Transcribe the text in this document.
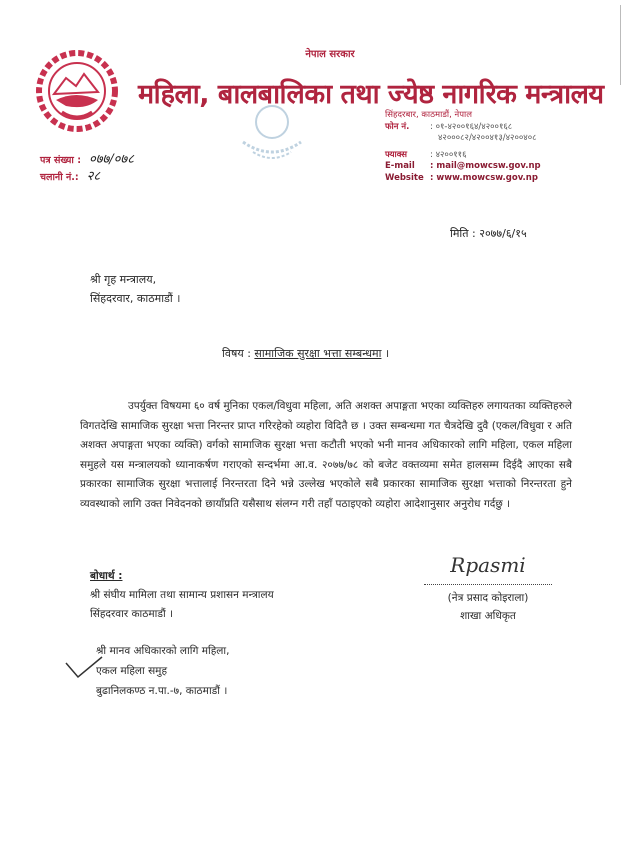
नेपाल सरकार
महिला, बालबालिका तथा ज्येष्ठ नागरिक मन्त्रालय
सिंहदरबार, काठमाडौं, नेपाल
फोन नं.	: ०१-४२००१६४/४२००१६८
४२०००८२/४२००४१३/४२००४०८
फ्याक्स	: ४२००११६
E-mail	: mail@mowcsw.gov.np
Website : www.mowcsw.gov.np
पत्र संख्या : ०७७/०७८
चलानी नं.: २८
मिति : २०७७/६/१५
श्री गृह मन्त्रालय,
सिंहदरवार, काठमाडौं ।
विषय : सामाजिक सुरक्षा भत्ता सम्बन्धमा ।

उपर्युक्त विषयमा ६० वर्ष मुनिका एकल/विधुवा महिला, अति अशक्त अपाङ्गता भएका व्यक्तिहरु लगायतका व्यक्तिहरुले विगतदेखि सामाजिक सुरक्षा भत्ता निरन्तर प्राप्त गरिरहेको व्यहोरा विदितै छ । उक्त सम्बन्धमा गत चैत्रदेखि दुवै (एकल/विधुवा र अति अशक्त अपाङ्गता भएका व्यक्ति) वर्गको सामाजिक सुरक्षा भत्ता कटौती भएको भनी मानव अधिकारको लागि महिला, एकल महिला समुहले यस मन्त्रालयको ध्यानाकर्षण गराएको सन्दर्भमा आ.व. २०७७/७८ को बजेट वक्तव्यमा समेत हालसम्म दिईदै आएका सबै प्रकारका सामाजिक सुरक्षा भत्तालाई निरन्तरता दिने भन्ने उल्लेख भएकोले सबै प्रकारका सामाजिक सुरक्षा भत्ताको निरन्तरता हुने व्यवस्थाको लागि उक्त निवेदनको छायाँप्रति यसैसाथ संलग्न गरी तहाँ पठाइएको व्यहोरा आदेशानुसार अनुरोध गर्दछु ।

बोधार्थ :
श्री संघीय मामिला तथा सामान्य प्रशासन मन्त्रालय
सिंहदरवार काठमाडौं ।
Rpasmi
(नेत्र प्रसाद कोइराला)
शाखा अधिकृत
श्री मानव अधिकारको लागि महिला,
एकल महिला समुह
बुढानिलकण्ठ न.पा.-७, काठमाडौं ।
